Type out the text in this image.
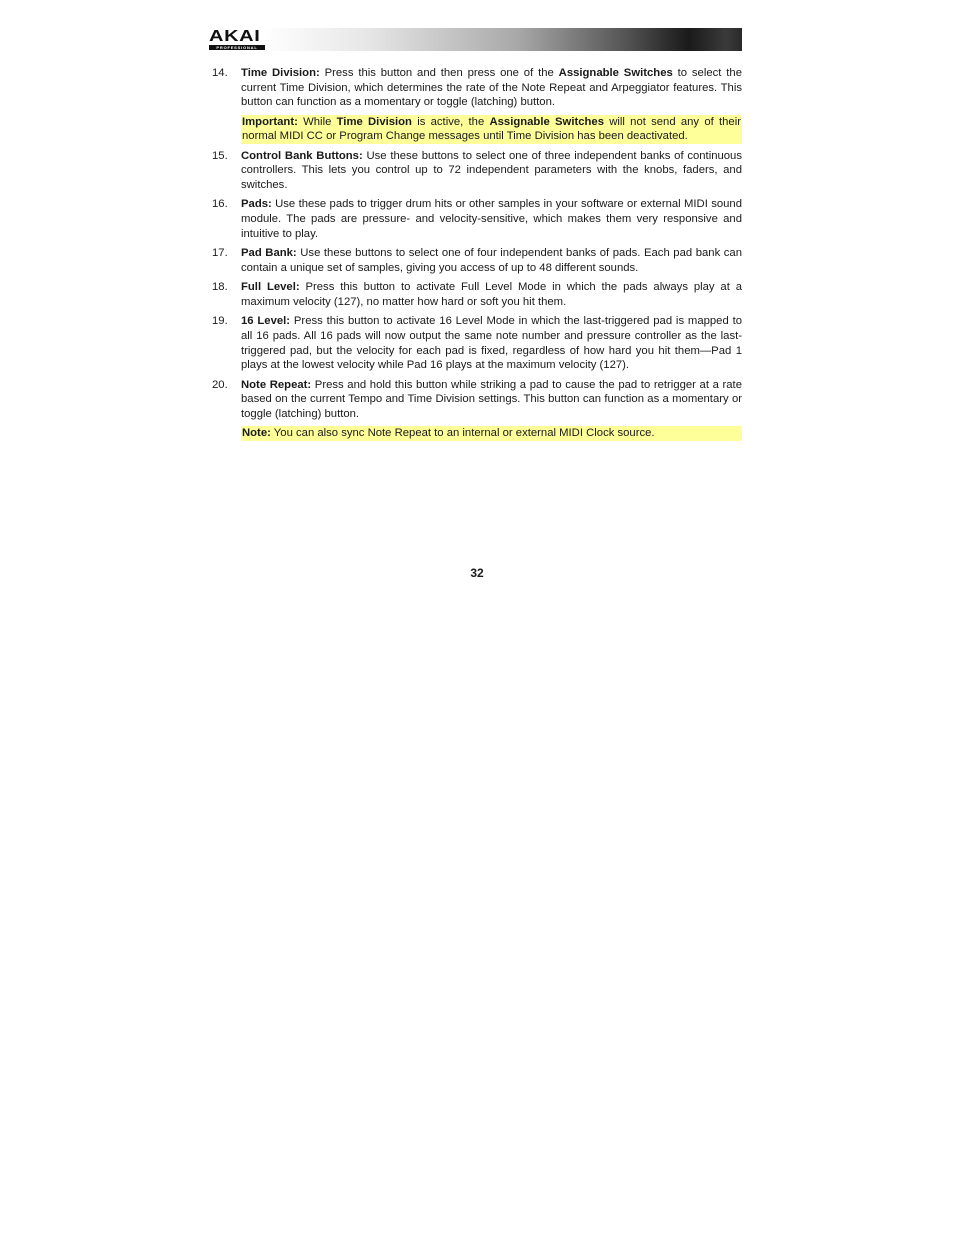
AKAI
PROFESSIONAL
14.	Time Division: Press this button and then press one of the Assignable Switches to select the current Time Division, which determines the rate of the Note Repeat and Arpeggiator features. This button can function as a momentary or toggle (latching) button.
Important: While Time Division is active, the Assignable Switches will not send any of their normal MIDI CC or Program Change messages until Time Division has been deactivated.
15.	Control Bank Buttons: Use these buttons to select one of three independent banks of continuous controllers. This lets you control up to 72 independent parameters with the knobs, faders, and switches.
16.	Pads: Use these pads to trigger drum hits or other samples in your software or external MIDI sound module. The pads are pressure- and velocity-sensitive, which makes them very responsive and intuitive to play.
17.	Pad Bank: Use these buttons to select one of four independent banks of pads. Each pad bank can contain a unique set of samples, giving you access of up to 48 different sounds.
18.	Full Level: Press this button to activate Full Level Mode in which the pads always play at a maximum velocity (127), no matter how hard or soft you hit them.
19.	16 Level: Press this button to activate 16 Level Mode in which the last-triggered pad is mapped to all 16 pads. All 16 pads will now output the same note number and pressure controller as the last-triggered pad, but the velocity for each pad is fixed, regardless of how hard you hit them—Pad 1 plays at the lowest velocity while Pad 16 plays at the maximum velocity (127).
20.	Note Repeat: Press and hold this button while striking a pad to cause the pad to retrigger at a rate based on the current Tempo and Time Division settings. This button can function as a momentary or toggle (latching) button.
Note: You can also sync Note Repeat to an internal or external MIDI Clock source.
32
